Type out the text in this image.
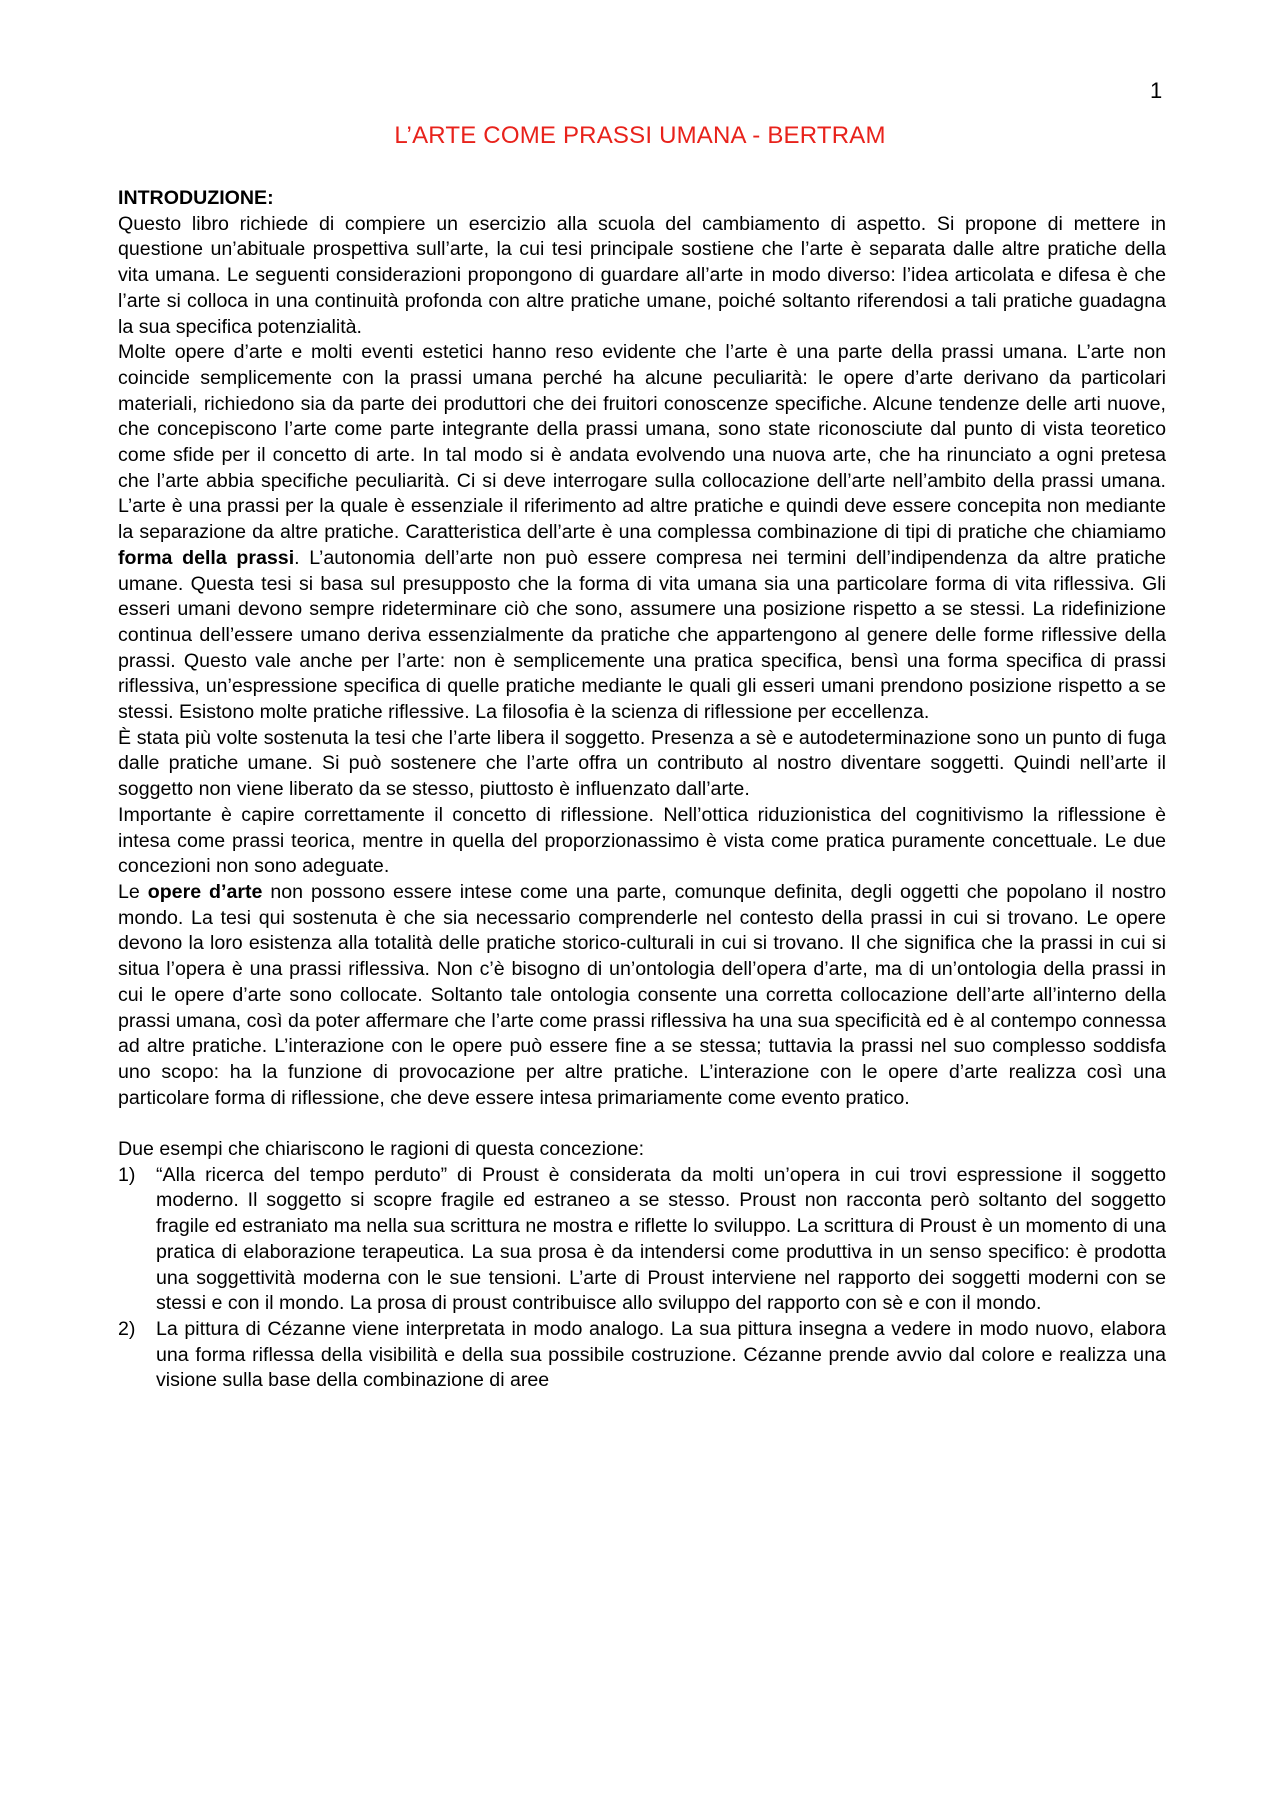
1
L’ARTE COME PRASSI UMANA - BERTRAM

INTRODUZIONE:

Questo libro richiede di compiere un esercizio alla scuola del cambiamento di aspetto. Si propone di mettere in questione un’abituale prospettiva sull’arte, la cui tesi principale sostiene che l’arte è separata dalle altre pratiche della vita umana. Le seguenti considerazioni propongono di guardare all’arte in modo diverso: l’idea articolata e difesa è che l’arte si colloca in una continuità profonda con altre pratiche umane, poiché soltanto riferendosi a tali pratiche guadagna la sua specifica potenzialità.

Molte opere d’arte e molti eventi estetici hanno reso evidente che l’arte è una parte della prassi umana. L’arte non coincide semplicemente con la prassi umana perché ha alcune peculiarità: le opere d’arte derivano da particolari materiali, richiedono sia da parte dei produttori che dei fruitori conoscenze specifiche. Alcune tendenze delle arti nuove, che concepiscono l’arte come parte integrante della prassi umana, sono state riconosciute dal punto di vista teoretico come sfide per il concetto di arte. In tal modo si è andata evolvendo una nuova arte, che ha rinunciato a ogni pretesa che l’arte abbia specifiche peculiarità. Ci si deve interrogare sulla collocazione dell’arte nell’ambito della prassi umana. L’arte è una prassi per la quale è essenziale il riferimento ad altre pratiche e quindi deve essere concepita non mediante la separazione da altre pratiche. Caratteristica dell’arte è una complessa combinazione di tipi di pratiche che chiamiamo forma della prassi. L’autonomia dell’arte non può essere compresa nei termini dell’indipendenza da altre pratiche umane. Questa tesi si basa sul presupposto che la forma di vita umana sia una particolare forma di vita riflessiva. Gli esseri umani devono sempre rideterminare ciò che sono, assumere una posizione rispetto a se stessi. La ridefinizione continua dell’essere umano deriva essenzialmente da pratiche che appartengono al genere delle forme riflessive della prassi. Questo vale anche per l’arte: non è semplicemente una pratica specifica, bensì una forma specifica di prassi riflessiva, un’espressione specifica di quelle pratiche mediante le quali gli esseri umani prendono posizione rispetto a se stessi. Esistono molte pratiche riflessive. La filosofia è la scienza di riflessione per eccellenza.

È stata più volte sostenuta la tesi che l’arte libera il soggetto. Presenza a sè e autodeterminazione sono un punto di fuga dalle pratiche umane. Si può sostenere che l’arte offra un contributo al nostro diventare soggetti. Quindi nell’arte il soggetto non viene liberato da se stesso, piuttosto è influenzato dall’arte.

Importante è capire correttamente il concetto di riflessione. Nell’ottica riduzionistica del cognitivismo la riflessione è intesa come prassi teorica, mentre in quella del proporzionassimo è vista come pratica puramente concettuale. Le due concezioni non sono adeguate.

Le opere d’arte non possono essere intese come una parte, comunque definita, degli oggetti che popolano il nostro mondo. La tesi qui sostenuta è che sia necessario comprenderle nel contesto della prassi in cui si trovano. Le opere devono la loro esistenza alla totalità delle pratiche storico-culturali in cui si trovano. Il che significa che la prassi in cui si situa l’opera è una prassi riflessiva. Non c’è bisogno di un’ontologia dell’opera d’arte, ma di un’ontologia della prassi in cui le opere d’arte sono collocate. Soltanto tale ontologia consente una corretta collocazione dell’arte all’interno della prassi umana, così da poter affermare che l’arte come prassi riflessiva ha una sua specificità ed è al contempo connessa ad altre pratiche. L’interazione con le opere può essere fine a se stessa; tuttavia la prassi nel suo complesso soddisfa uno scopo: ha la funzione di provocazione per altre pratiche. L’interazione con le opere d’arte realizza così una particolare forma di riflessione, che deve essere intesa primariamente come evento pratico.

Due esempi che chiariscono le ragioni di questa concezione:

1) “Alla ricerca del tempo perduto” di Proust è considerata da molti un’opera in cui trovi espressione il soggetto moderno. Il soggetto si scopre fragile ed estraneo a se stesso. Proust non racconta però soltanto del soggetto fragile ed estraniato ma nella sua scrittura ne mostra e riflette lo sviluppo. La scrittura di Proust è un momento di una pratica di elaborazione terapeutica. La sua prosa è da intendersi come produttiva in un senso specifico: è prodotta una soggettività moderna con le sue tensioni. L’arte di Proust interviene nel rapporto dei soggetti moderni con se stessi e con il mondo. La prosa di proust contribuisce allo sviluppo del rapporto con sè e con il mondo.
2) La pittura di Cézanne viene interpretata in modo analogo. La sua pittura insegna a vedere in modo nuovo, elabora una forma riflessa della visibilità e della sua possibile costruzione. Cézanne prende avvio dal colore e realizza una visione sulla base della combinazione di aree
